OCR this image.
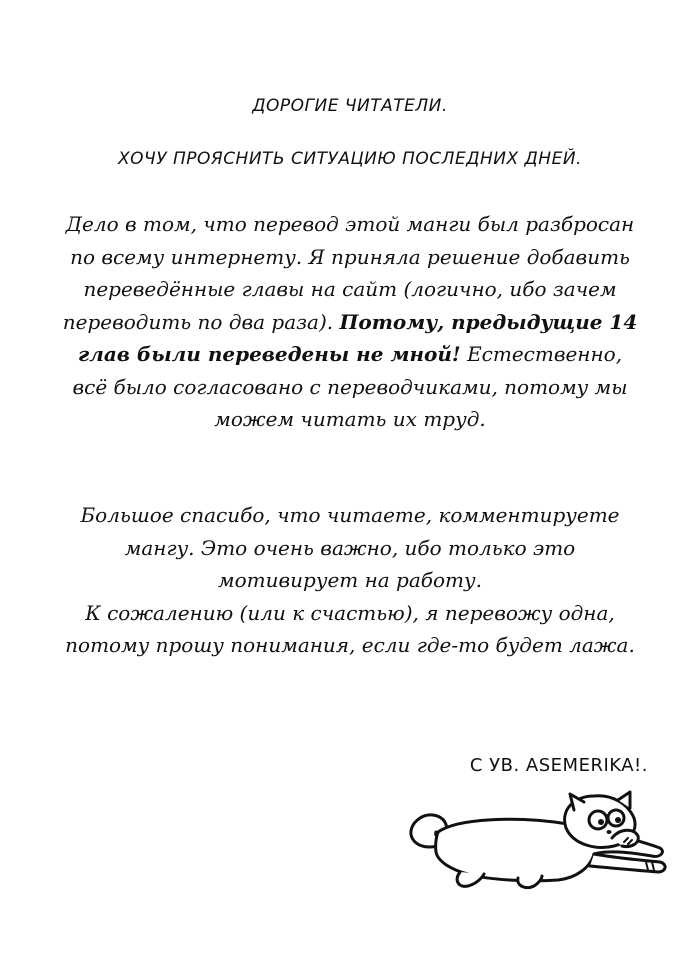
ДОРОГИЕ ЧИТАТЕЛИ.
ХОЧУ ПРОЯСНИТЬ СИТУАЦИЮ ПОСЛЕДНИХ ДНЕЙ.
Дело в том, что перевод этой манги был разбросан по всему интернету. Я приняла решение добавить переведённые главы на сайт (логично, ибо зачем переводить по два раза). Потому, предыдущие 14 глав были переведены не мной! Естественно, всё было согласовано с переводчиками, потому мы можем читать их труд.
Большое спасибо, что читаете, комментируете мангу. Это очень важно, ибо только это мотивирует на работу.
К сожалению (или к счастью), я перевожу одна, потому прошу понимания, если где-то будет лажа.
С УВ. ASEMERIKA!.
